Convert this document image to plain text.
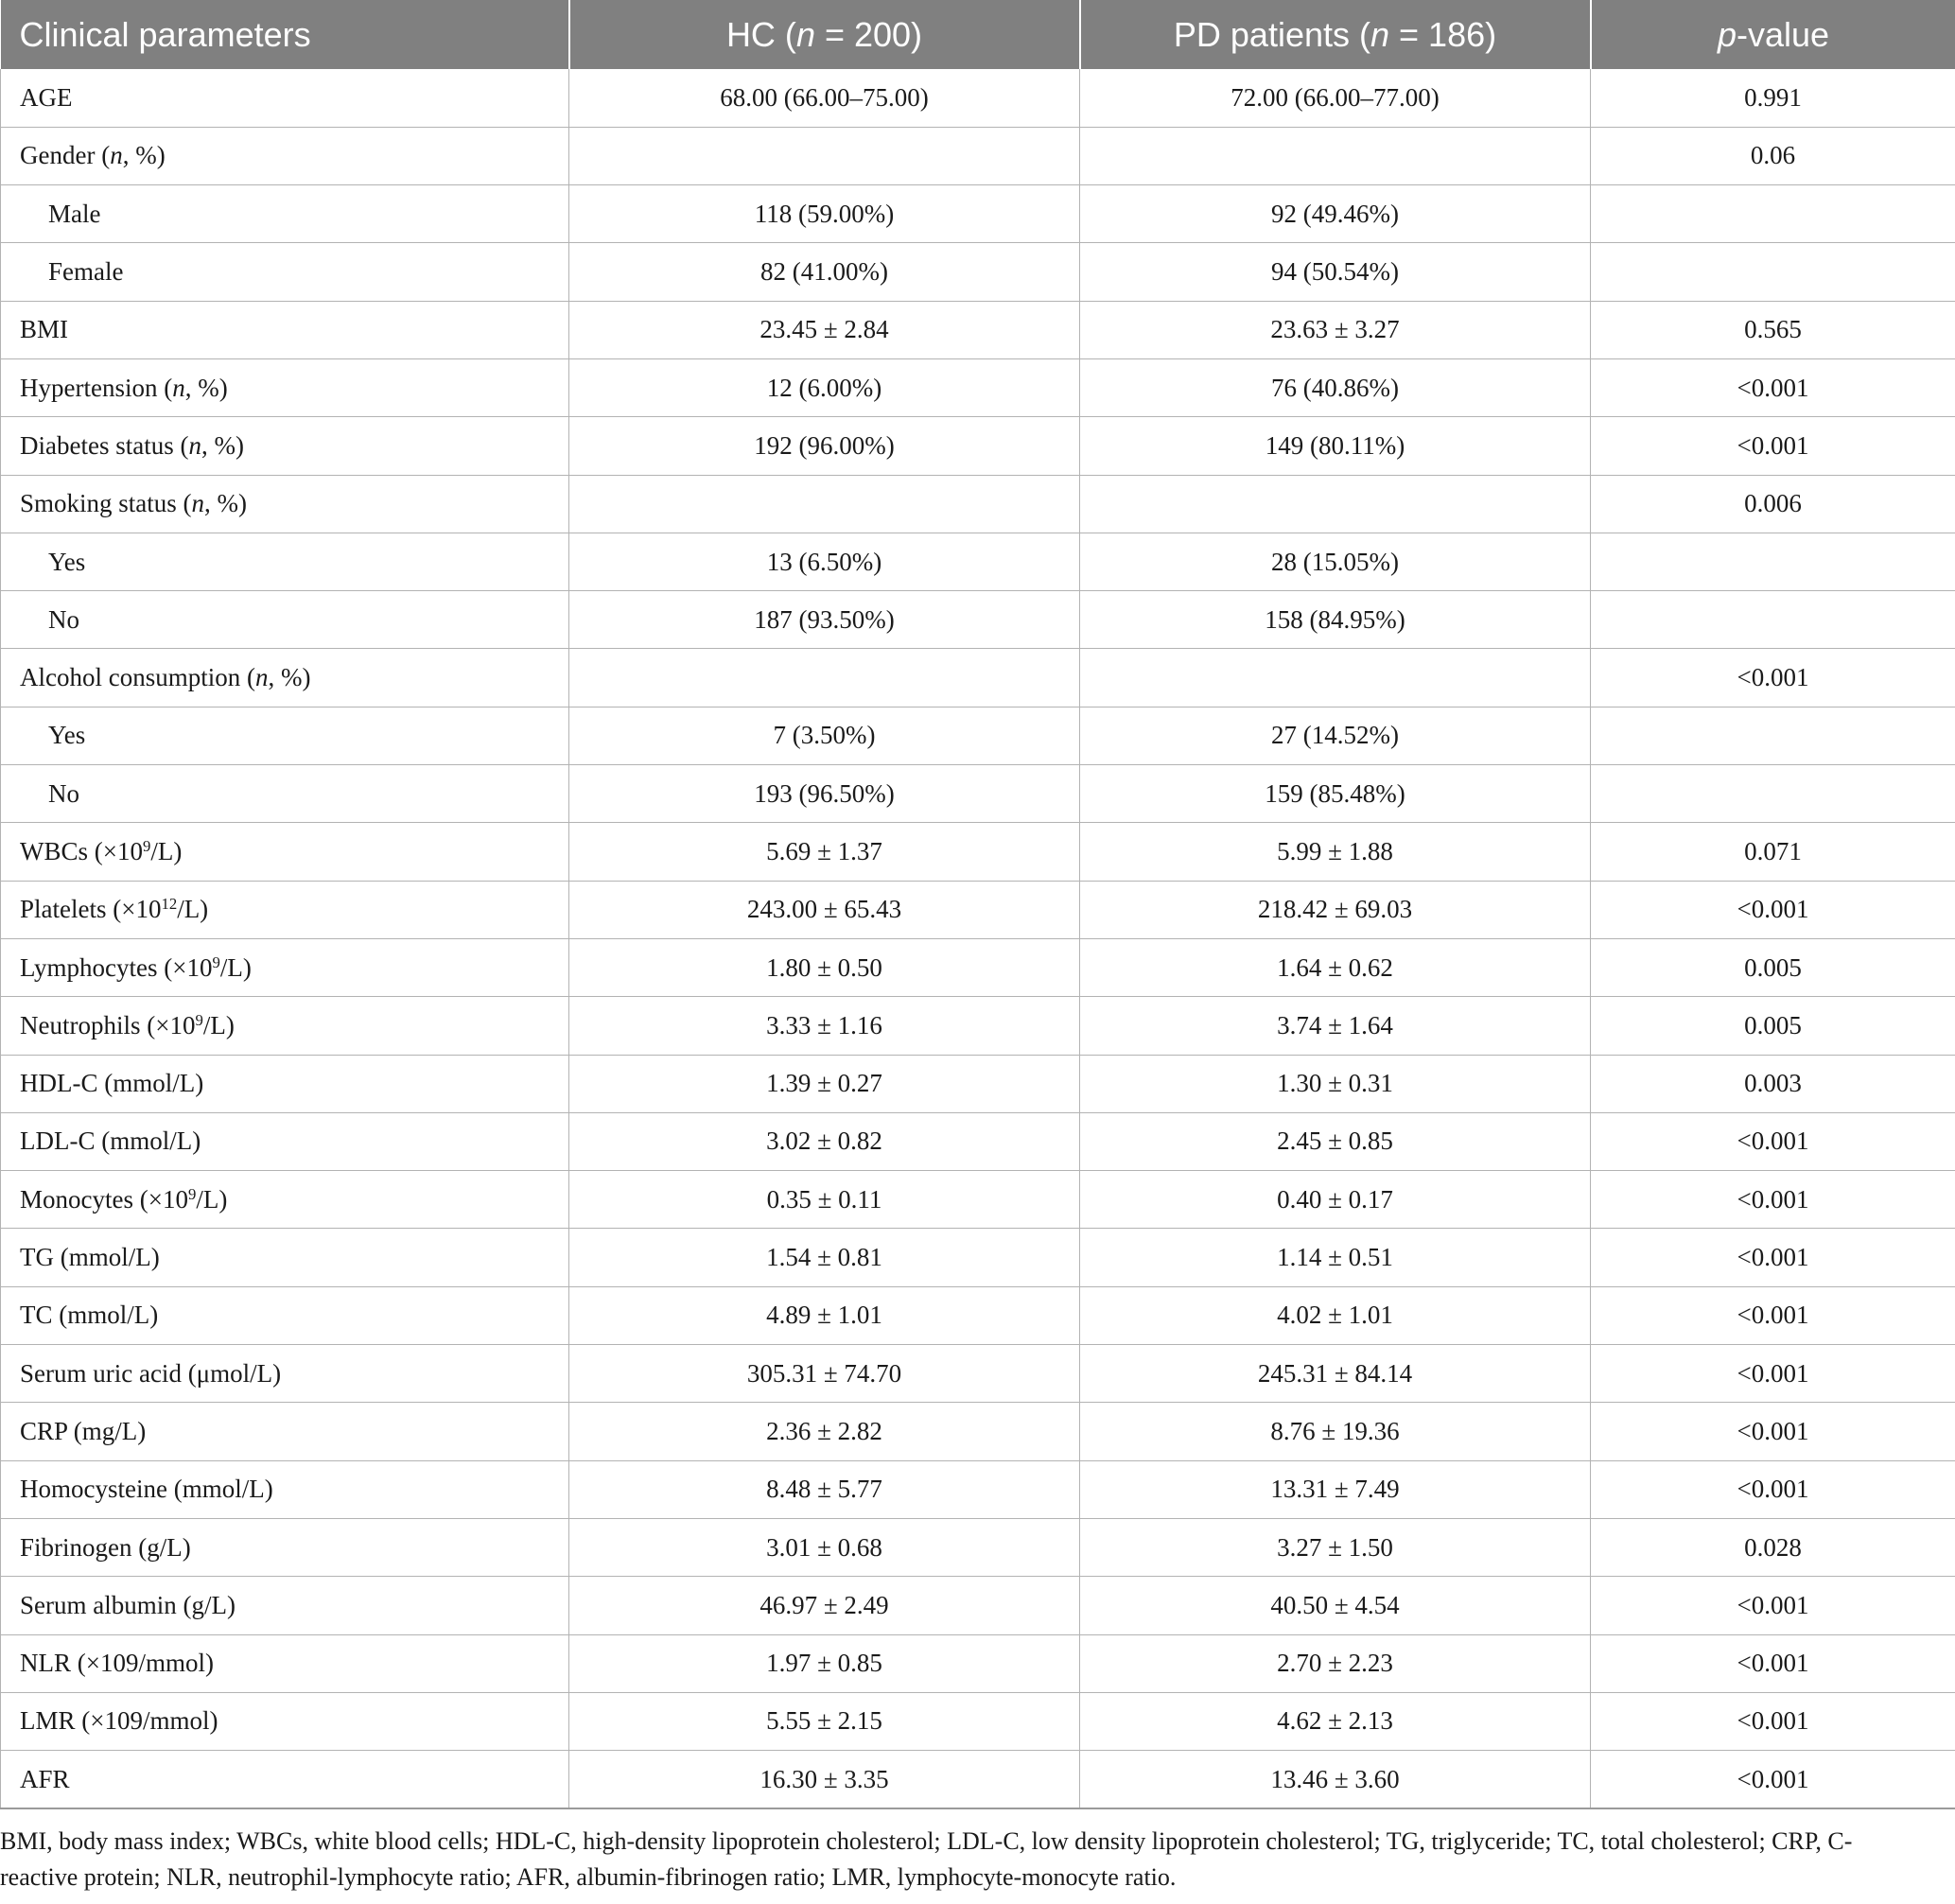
Clinical parameters	HC (n = 200)	PD patients (n = 186)	p-value
AGE	68.00 (66.00–75.00)	72.00 (66.00–77.00)	0.991
Gender (n, %)			0.06
Male	118 (59.00%)	92 (49.46%)	
Female	82 (41.00%)	94 (50.54%)	
BMI	23.45 ± 2.84	23.63 ± 3.27	0.565
Hypertension (n, %)	12 (6.00%)	76 (40.86%)	<0.001
Diabetes status (n, %)	192 (96.00%)	149 (80.11%)	<0.001
Smoking status (n, %)			0.006
Yes	13 (6.50%)	28 (15.05%)	
No	187 (93.50%)	158 (84.95%)	
Alcohol consumption (n, %)			<0.001
Yes	7 (3.50%)	27 (14.52%)	
No	193 (96.50%)	159 (85.48%)	
WBCs $(\times 10^9/L)$	5.69 ± 1.37	5.99 ± 1.88	0.071
Platelets $(\times 10^{12}/L)$	243.00 ± 65.43	218.42 ± 69.03	<0.001
Lymphocytes $(\times 10^9/L)$	1.80 ± 0.50	1.64 ± 0.62	0.005
Neutrophils $(\times 10^9/L)$	3.33 ± 1.16	3.74 ± 1.64	0.005
HDL-C (mmol/L)	1.39 ± 0.27	1.30 ± 0.31	0.003
LDL-C (mmol/L)	3.02 ± 0.82	2.45 ± 0.85	<0.001
Monocytes $(\times 10^9/L)$	0.35 ± 0.11	0.40 ± 0.17	<0.001
TG (mmol/L)	1.54 ± 0.81	1.14 ± 0.51	<0.001
TC (mmol/L)	4.89 ± 1.01	4.02 ± 1.01	<0.001
Serum uric acid (μmol/L)	305.31 ± 74.70	245.31 ± 84.14	<0.001
CRP (mg/L)	2.36 ± 2.82	8.76 ± 19.36	<0.001
Homocysteine (mmol/L)	8.48 ± 5.77	13.31 ± 7.49	<0.001
Fibrinogen (g/L)	3.01 ± 0.68	3.27 ± 1.50	0.028
Serum albumin (g/L)	46.97 ± 2.49	40.50 ± 4.54	<0.001
NLR (×109/mmol)	1.97 ± 0.85	2.70 ± 2.23	<0.001
LMR (×109/mmol)	5.55 ± 2.15	4.62 ± 2.13	<0.001
AFR	16.30 ± 3.35	13.46 ± 3.60	<0.001
BMI, body mass index; WBCs, white blood cells; HDL-C, high-density lipoprotein cholesterol; LDL-C, low density lipoprotein cholesterol; TG, triglyceride; TC, total cholesterol; CRP, C-reactive protein; NLR, neutrophil-lymphocyte ratio; AFR, albumin-fibrinogen ratio; LMR, lymphocyte-monocyte ratio.
